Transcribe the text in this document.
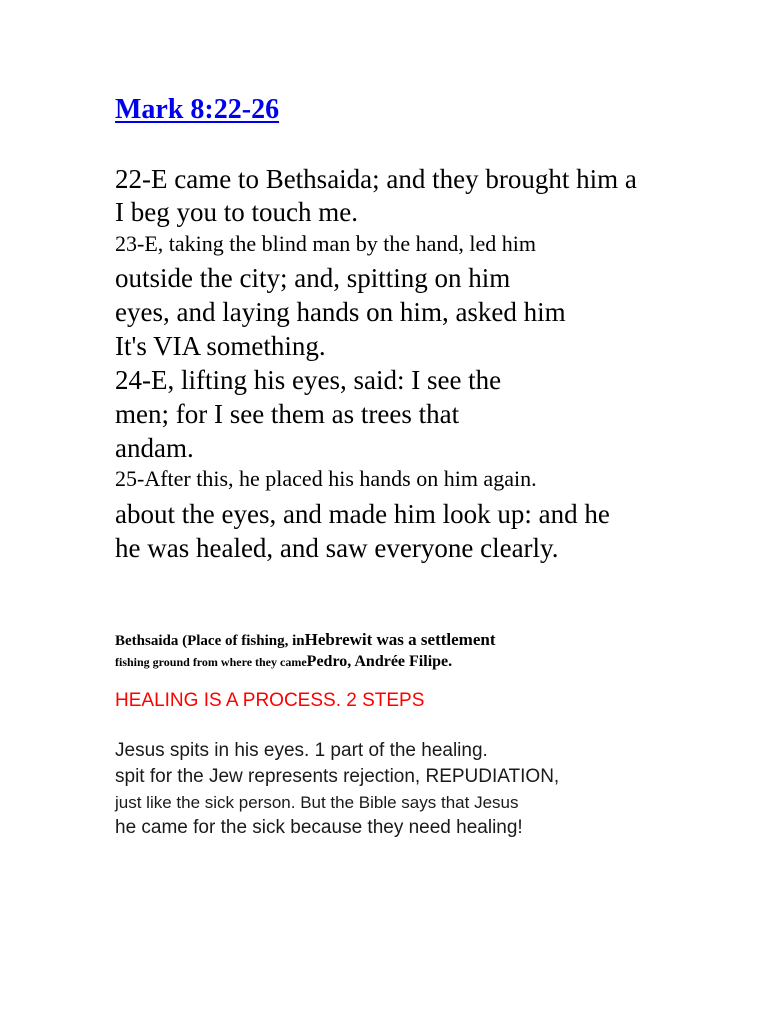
Mark 8:22-26

22-E came to Bethsaida; and they brought him a

I beg you to touch me.

23-E, taking the blind man by the hand, led him

outside the city; and, spitting on him

eyes, and laying hands on him, asked him

It's VIA something.

24-E, lifting his eyes, said: I see the

men; for I see them as trees that

andam.

25-After this, he placed his hands on him again.

about the eyes, and made him look up: and he

he was healed, and saw everyone clearly.

Bethsaida (Place of fishing, inHebrewit was a settlement

fishing ground from where they camePedro, Andrée Filipe.

HEALING IS A PROCESS. 2 STEPS

Jesus spits in his eyes. 1 part of the healing.

spit for the Jew represents rejection, REPUDIATION,

just like the sick person. But the Bible says that Jesus

he came for the sick because they need healing!
